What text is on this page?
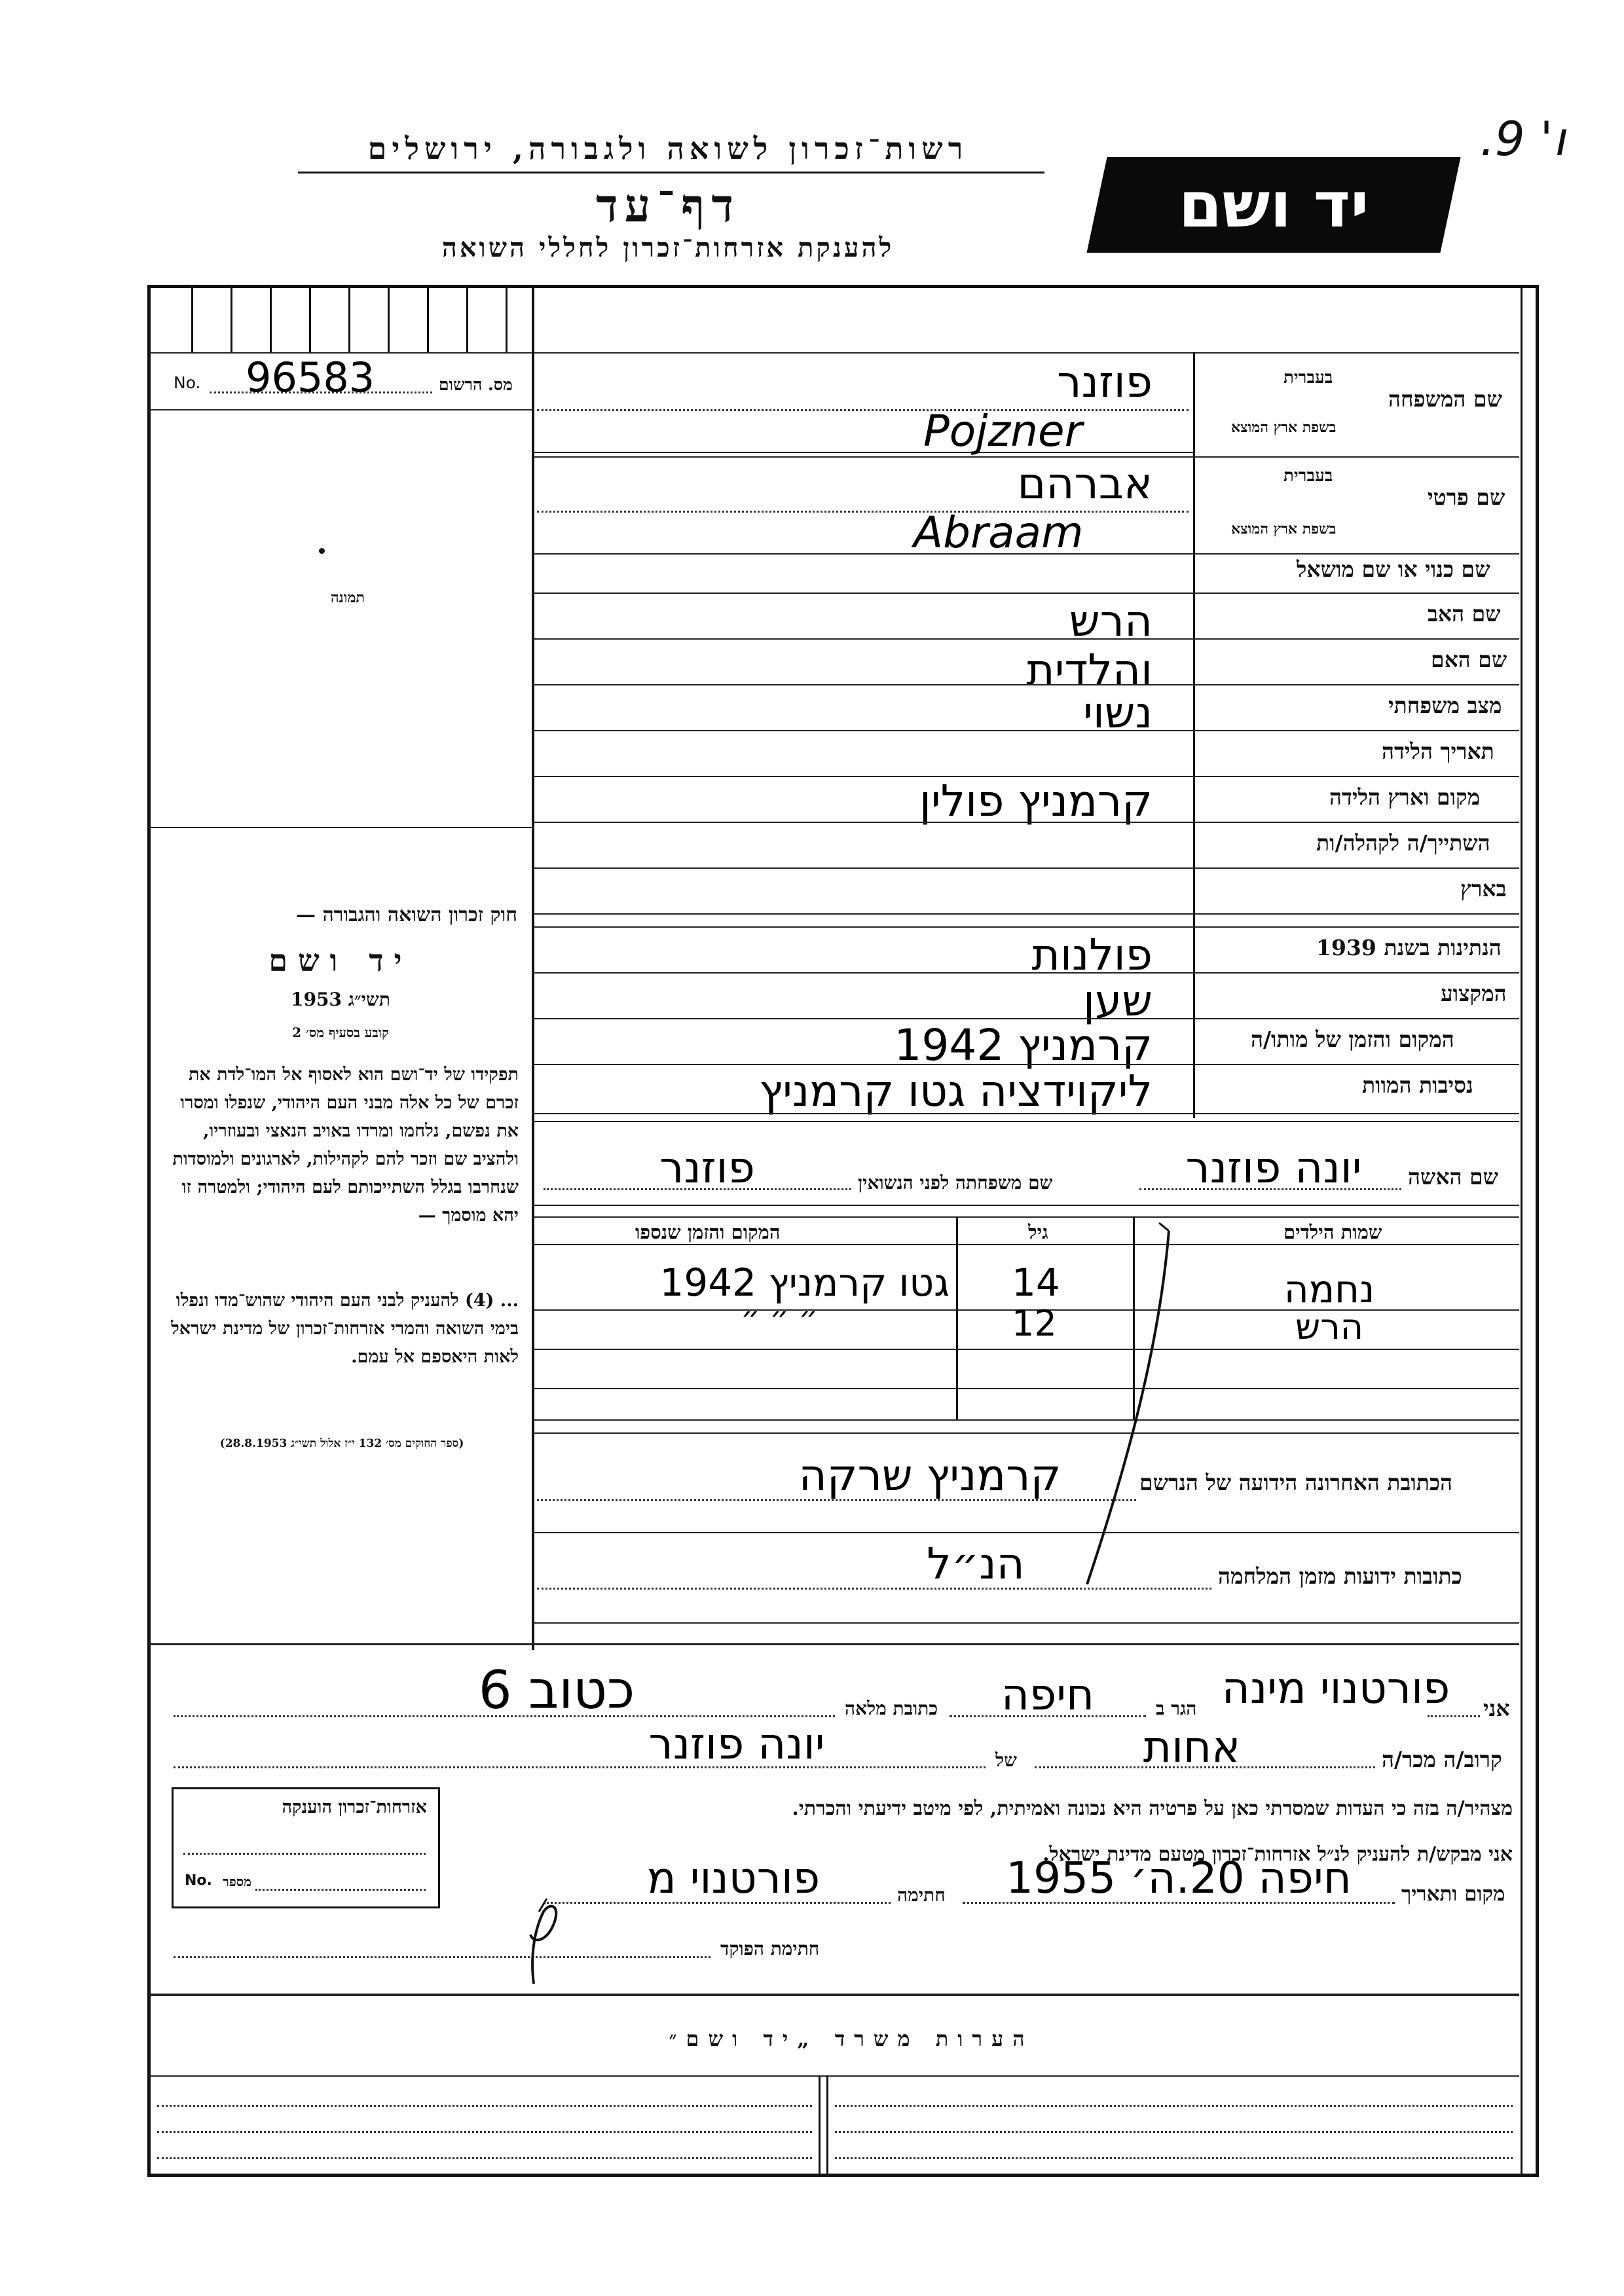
רשות־זכרון לשואה ולגבורה, ירושלים
דף־עד
להענקת אזרחות־זכרון לחללי השואה
יד ושם
ו' 9.
No. 96583	מס. הרשום
תמונה
חוק זכרון השואה והגבורה —
יד ושם
תשי״ג 1953
קובע בסעיף מס׳ 2
תפקידו של יד־ושם הוא לאסוף אל המו־לדת את זכרם של כל אלה מבני העם היהודי, שנפלו ומסרו את נפשם, נלחמו ומרדו באויב הנאצי ובעוזריו, ולהציב שם וזכר להם לקהילות, לארגונים ולמוסדות שנחרבו בגלל השתייכותם לעם היהודי; ולמטרה זו יהא מוסמך —
... (4) להעניק לבני העם היהודי שהוש־מדו ונפלו בימי השואה והמרי אזרחות־זכרון של מדינת ישראל לאות היאספם אל עמם.
(ספר החוקים מס׳ 132 י״ז אלול תשי״ג 28.8.1953)
בעברית
שם המשפחה
בשפת ארץ המוצא
פוזנר
Pojzner
בעברית
שם פרטי
בשפת ארץ המוצא
אברהם
Abraam
שם כנוי או שם מושאל
שם האב
הרש
שם האם
והלדית
מצב משפחתי
נשוי
תאריך הלידה
מקום וארץ הלידה
קרמניץ פולין
השתייך/ה לקהלה/ות
בארץ
הנתינות בשנת 1939
פולנות
המקצוע
שען
המקום והזמן של מותו/ה
קרמניץ 1942
נסיבות המוות
ליקוידציה גטו קרמניץ
שם האשה
יונה פוזנר
שם משפחתה לפני הנשואין
פוזנר
שמות הילדים
גיל
המקום והזמן שנספו
נחמה
14
גטו קרמניץ 1942
הרש
12
״ ״ ״
הכתובת האחרונה הידועה של הנרשם
קרמניץ שרקה
כתובות ידועות מזמן המלחמה
הנ״ל
אני
פורטנוי מינה
הגר ב
חיפה
כתובת מלאה
כטוב 6
קרוב/ה מכר/ה
אחות
של
יונה פוזנר
מצהיר/ה בזה כי העדות שמסרתי כאן על פרטיה היא נכונה ואמיתית, לפי מיטב ידיעתי והכרתי.
אני מבקש/ת להעניק לנ״ל אזרחות־זכרון מטעם מדינת ישראל.
מקום ותאריך
חיפה 20.ה׳ 1955
חתימה
פורטנוי מ
חתימת הפוקד
אזרחות־זכרון הוענקה
No. מספר
הערות משרד „יד ושם״
